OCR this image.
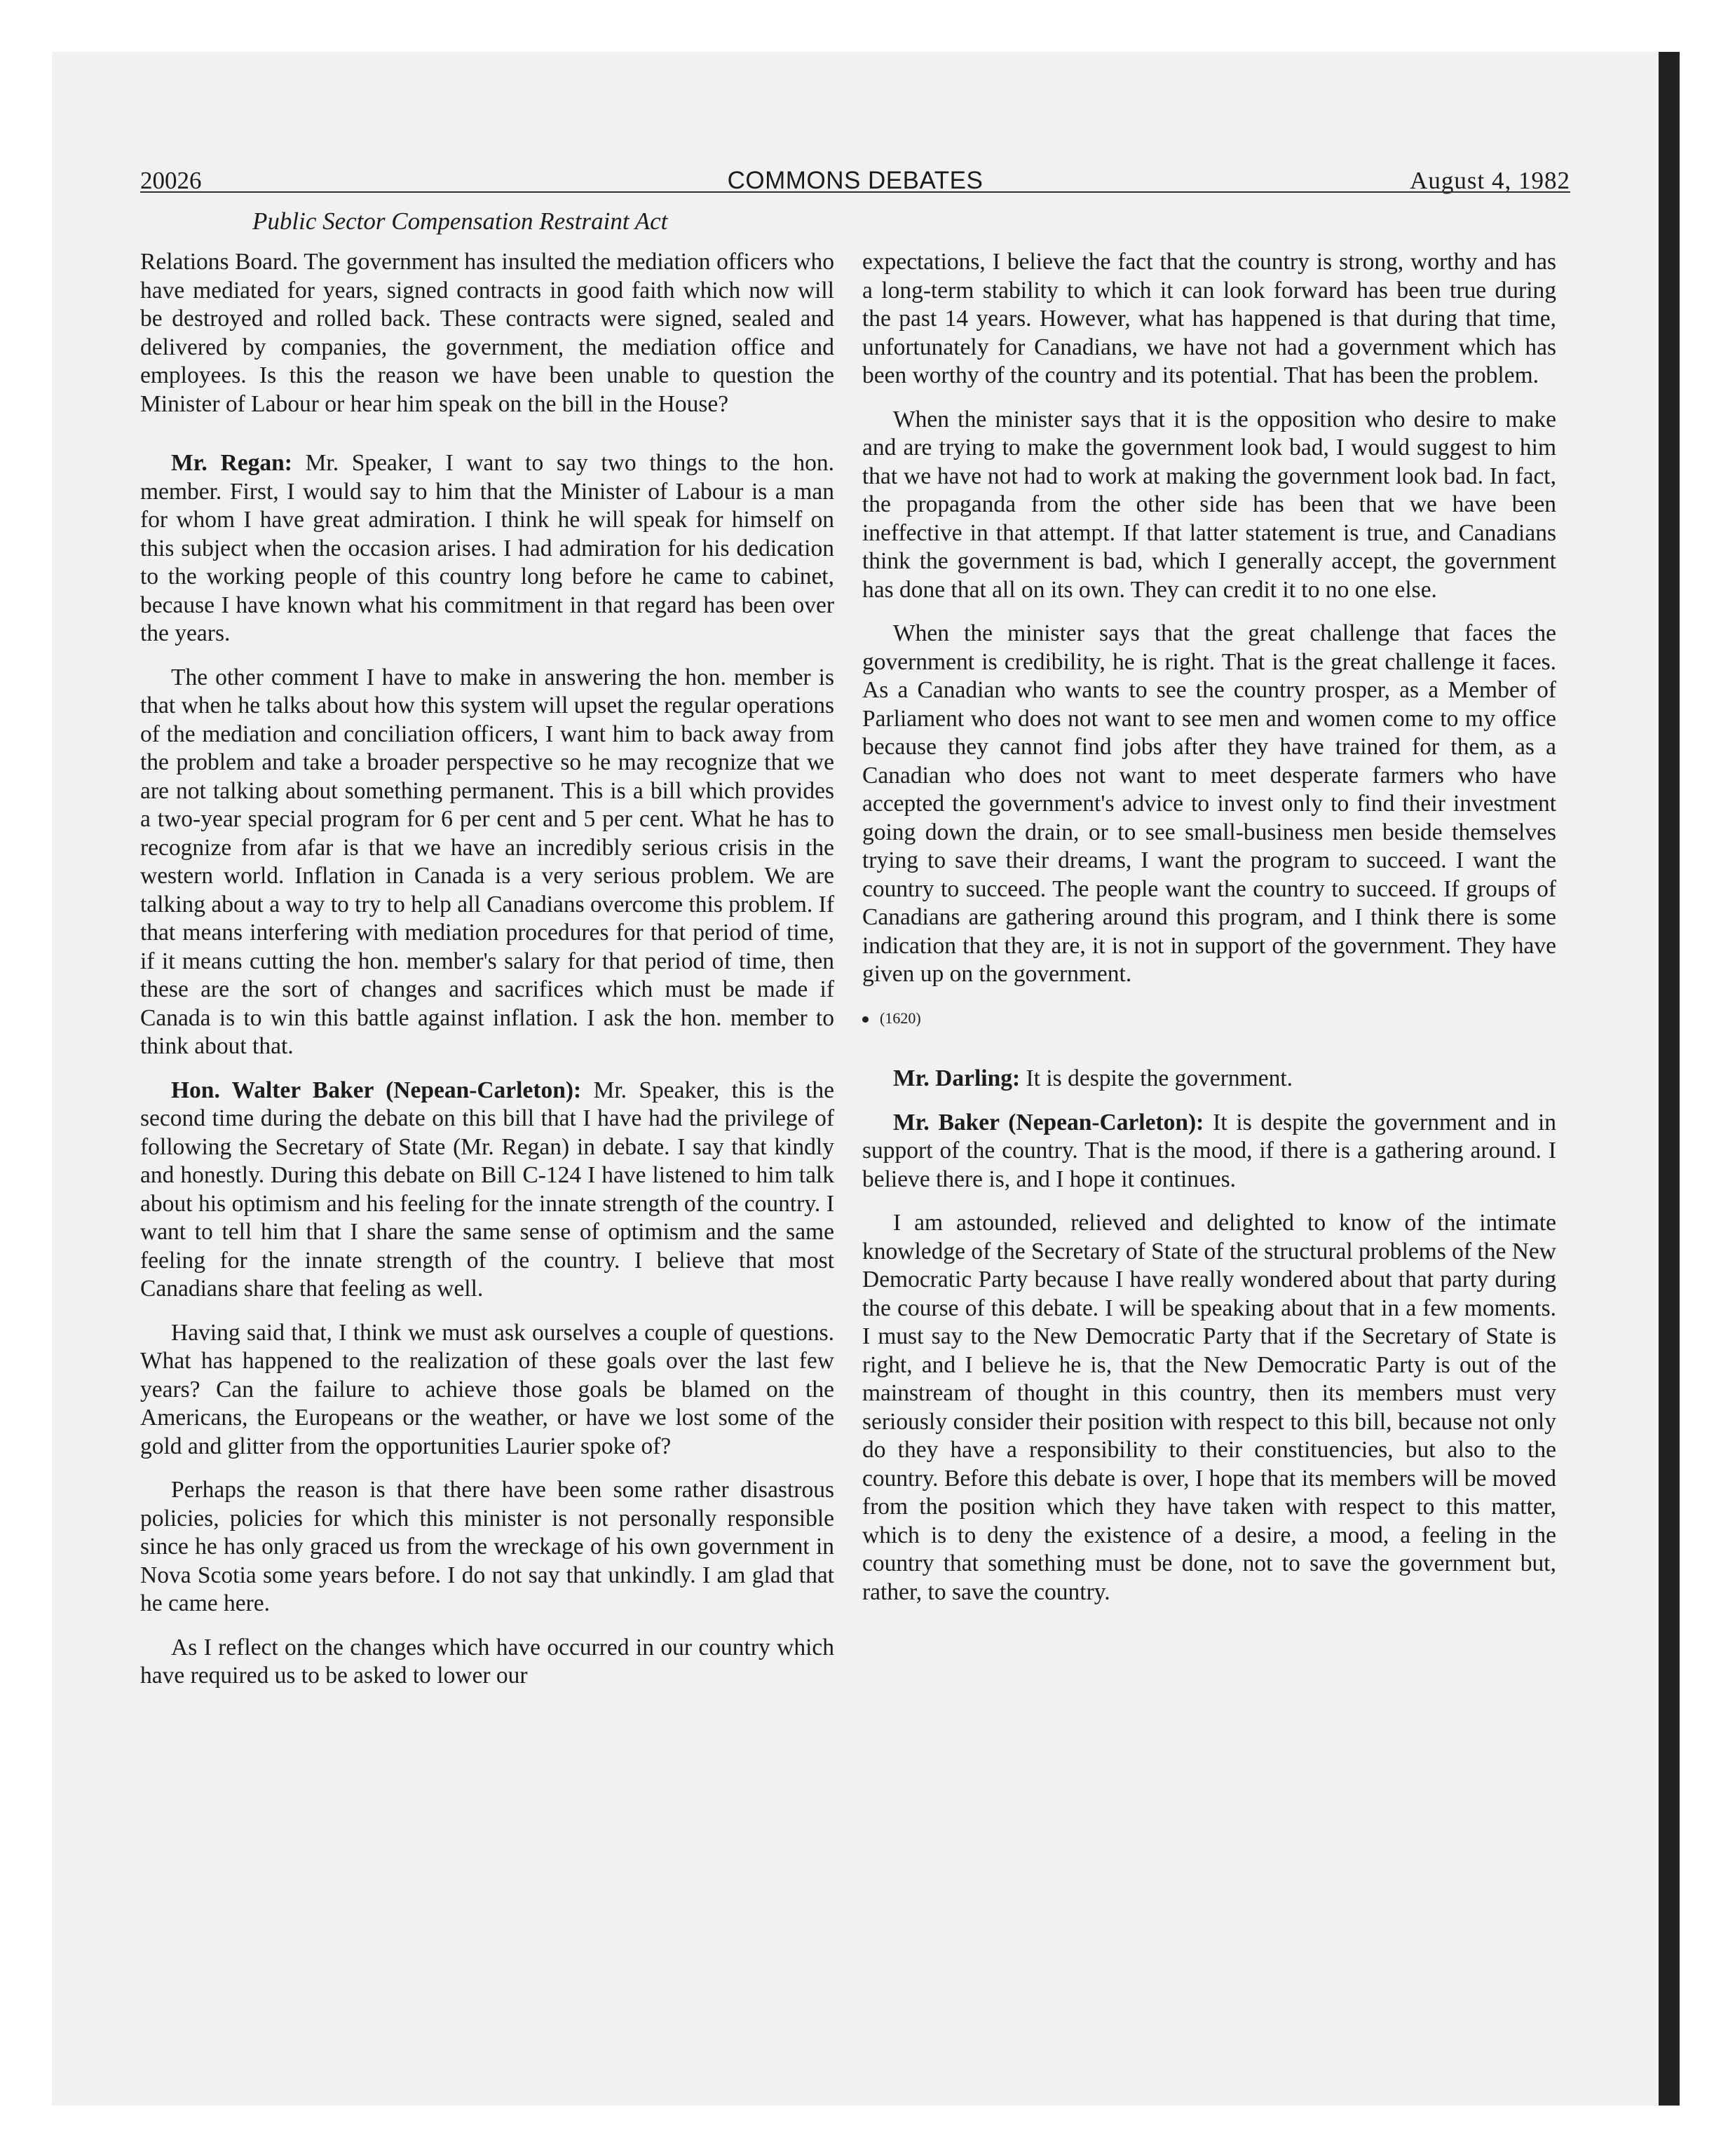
20026	COMMONS DEBATES	August 4, 1982
Public Sector Compensation Restraint Act

Relations Board. The government has insulted the mediation officers who have mediated for years, signed contracts in good faith which now will be destroyed and rolled back. These contracts were signed, sealed and delivered by companies, the government, the mediation office and employees. Is this the reason we have been unable to question the Minister of Labour or hear him speak on the bill in the House?

Mr. Regan: Mr. Speaker, I want to say two things to the hon. member. First, I would say to him that the Minister of Labour is a man for whom I have great admiration. I think he will speak for himself on this subject when the occasion arises. I had admiration for his dedication to the working people of this country long before he came to cabinet, because I have known what his commitment in that regard has been over the years.

The other comment I have to make in answering the hon. member is that when he talks about how this system will upset the regular operations of the mediation and conciliation officers, I want him to back away from the problem and take a broader perspective so he may recognize that we are not talking about something permanent. This is a bill which provides a two-year special program for 6 per cent and 5 per cent. What he has to recognize from afar is that we have an incredibly serious crisis in the western world. Inflation in Canada is a very serious problem. We are talking about a way to try to help all Canadians overcome this problem. If that means interfering with mediation procedures for that period of time, if it means cutting the hon. member's salary for that period of time, then these are the sort of changes and sacrifices which must be made if Canada is to win this battle against inflation. I ask the hon. member to think about that.

Hon. Walter Baker (Nepean-Carleton): Mr. Speaker, this is the second time during the debate on this bill that I have had the privilege of following the Secretary of State (Mr. Regan) in debate. I say that kindly and honestly. During this debate on Bill C-124 I have listened to him talk about his optimism and his feeling for the innate strength of the country. I want to tell him that I share the same sense of optimism and the same feeling for the innate strength of the country. I believe that most Canadians share that feeling as well.

Having said that, I think we must ask ourselves a couple of questions. What has happened to the realization of these goals over the last few years? Can the failure to achieve those goals be blamed on the Americans, the Europeans or the weather, or have we lost some of the gold and glitter from the opportunities Laurier spoke of?

Perhaps the reason is that there have been some rather disastrous policies, policies for which this minister is not personally responsible since he has only graced us from the wreckage of his own government in Nova Scotia some years before. I do not say that unkindly. I am glad that he came here.

As I reflect on the changes which have occurred in our country which have required us to be asked to lower our

expectations, I believe the fact that the country is strong, worthy and has a long-term stability to which it can look forward has been true during the past 14 years. However, what has happened is that during that time, unfortunately for Canadians, we have not had a government which has been worthy of the country and its potential. That has been the problem.

When the minister says that it is the opposition who desire to make and are trying to make the government look bad, I would suggest to him that we have not had to work at making the government look bad. In fact, the propaganda from the other side has been that we have been ineffective in that attempt. If that latter statement is true, and Canadians think the government is bad, which I generally accept, the government has done that all on its own. They can credit it to no one else.

When the minister says that the great challenge that faces the government is credibility, he is right. That is the great challenge it faces. As a Canadian who wants to see the country prosper, as a Member of Parliament who does not want to see men and women come to my office because they cannot find jobs after they have trained for them, as a Canadian who does not want to meet desperate farmers who have accepted the government's advice to invest only to find their investment going down the drain, or to see small-business men beside themselves trying to save their dreams, I want the program to succeed. I want the country to succeed. The people want the country to succeed. If groups of Canadians are gathering around this program, and I think there is some indication that they are, it is not in support of the government. They have given up on the government.

(1620)

Mr. Darling: It is despite the government.

Mr. Baker (Nepean-Carleton): It is despite the government and in support of the country. That is the mood, if there is a gathering around. I believe there is, and I hope it continues.

I am astounded, relieved and delighted to know of the intimate knowledge of the Secretary of State of the structural problems of the New Democratic Party because I have really wondered about that party during the course of this debate. I will be speaking about that in a few moments. I must say to the New Democratic Party that if the Secretary of State is right, and I believe he is, that the New Democratic Party is out of the mainstream of thought in this country, then its members must very seriously consider their position with respect to this bill, because not only do they have a responsibility to their constituencies, but also to the country. Before this debate is over, I hope that its members will be moved from the position which they have taken with respect to this matter, which is to deny the existence of a desire, a mood, a feeling in the country that something must be done, not to save the government but, rather, to save the country.
